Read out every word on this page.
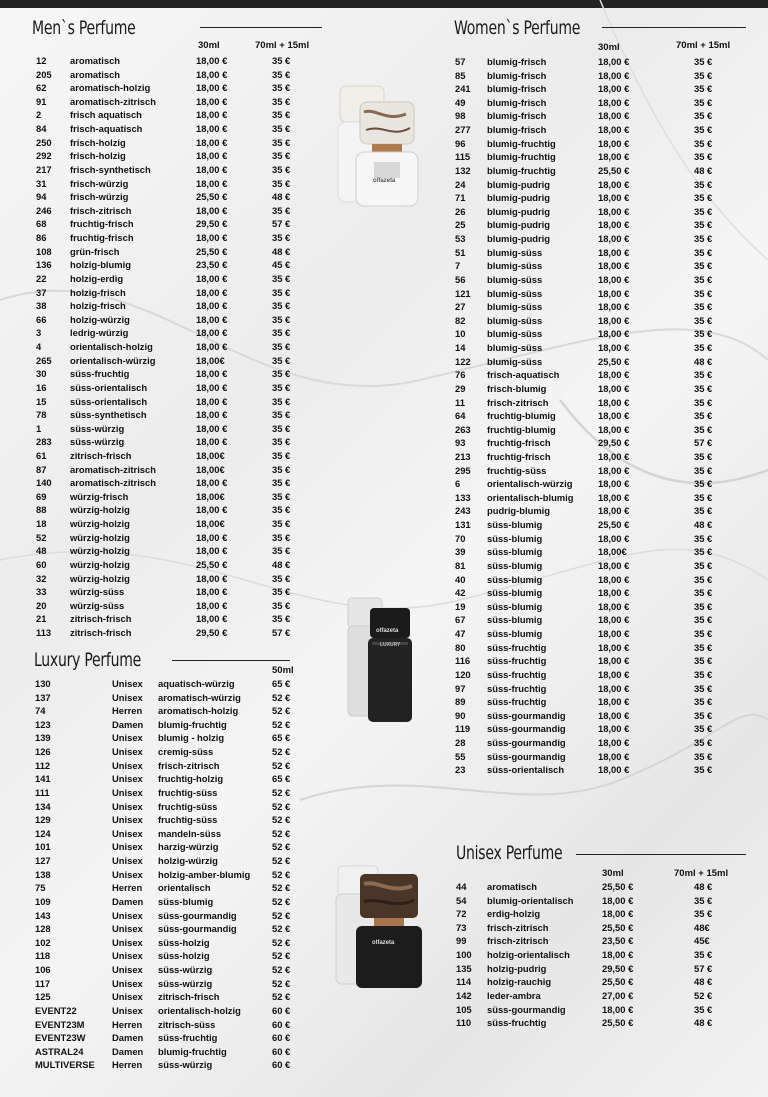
Men`s Perfume
30ml	70ml + 15ml
12	aromatisch	18,00 €	35 €
205 aromatisch	18,00 €	35 €
62	aromatisch-holzig	18,00 €	35 €
91	aromatisch-zitrisch	18,00 €	35 €
2	frisch aquatisch	18,00 €	35 €
84	frisch-aquatisch	18,00 €	35 €
250 frisch-holzig	18,00 €	35 €
292 frisch-holzig	18,00 €	35 €
217 frisch-synthetisch	18,00 €	35 €
31	frisch-würzig	18,00 €	35 €
94	frisch-würzig	25,50 €	48 €
246 frisch-zitrisch	18,00 €	35 €
68	fruchtig-frisch	29,50 €	57 €
86	fruchtig-frisch	18,00 €	35 €
108 grün-frisch	25,50 €	48 €
136 holzig-blumig	23,50 €	45 €
22	holzig-erdig	18,00 €	35 €
37	holzig-frisch	18,00 €	35 €
38	holzig-frisch	18,00 €	35 €
66	holzig-würzig	18,00 €	35 €
3	ledrig-würzig	18,00 €	35 €
4	orientalisch-holzig	18,00 €	35 €
265 orientalisch-würzig	18,00€	35 €
30	süss-fruchtig	18,00 €	35 €
16	süss-orientalisch	18,00 €	35 €
15	süss-orientalisch	18,00 €	35 €
78	süss-synthetisch	18,00 €	35 €
1	süss-würzig	18,00 €	35 €
283 süss-würzig	18,00 €	35 €
61	zitrisch-frisch	18,00€	35 €
87	aromatisch-zitrisch	18,00€	35 €
140 aromatisch-zitrisch	18,00 €	35 €
69	würzig-frisch	18,00€	35 €
88	würzig-holzig	18,00 €	35 €
18	würzig-holzig	18,00€	35 €
52	würzig-holzig	18,00 €	35 €
48	würzig-holzig	18,00 €	35 €
60	würzig-holzig	25,50 €	48 €
32	würzig-holzig	18,00 €	35 €
33	würzig-süss	18,00 €	35 €
20	würzig-süss	18,00 €	35 €
21	zitrisch-frisch	18,00 €	35 €
113 zitrisch-frisch	29,50 €	57 €
Luxury Perfume	50ml
130	Unisex aquatisch-würzig	65 €
137	Unisex aromatisch-würzig	52 €
74	Herren aromatisch-holzig	52 €
123	Damen blumig-fruchtig	52 €
139	Unisex blumig - holzig	65 €
126	Unisex cremig-süss	52 €
112	Unisex frisch-zitrisch	52 €
141	Unisex fruchtig-holzig	65 €
111	Unisex fruchtig-süss	52 €
134	Unisex fruchtig-süss	52 €
129	Unisex fruchtig-süss	52 €
124	Unisex mandeln-süss	52 €
101	Unisex harzig-würzig	52 €
127	Unisex holzig-würzig	52 €
138	Unisex holzig-amber-blumig 52 €
75	Herren orientalisch	52 €
109	Damen süss-blumig	52 €
143	Unisex süss-gourmandig	52 €
128	Unisex süss-gourmandig	52 €
102	Unisex süss-holzig	52 €
118	Unisex süss-holzig	52 €
106	Unisex süss-würzig	52 €
117	Unisex süss-würzig	52 €
125	Unisex zitrisch-frisch	52 €
EVENT22	Unisex orientalisch-holzig	60 €
EVENT23M	Herren zitrisch-süss	60 €
EVENT23W	Damen süss-fruchtig	60 €
ASTRAL24	Damen blumig-fruchtig	60 €
MULTIVERSE Herren süss-würzig	60 €
Women`s Perfume
30ml	70ml + 15ml
57 blumig-frisch	18,00 €	35 €
85 blumig-frisch	18,00 €	35 €
241 blumig-frisch	18,00 €	35 €
49 blumig-frisch	18,00 €	35 €
98 blumig-frisch	18,00 €	35 €
277 blumig-frisch	18,00 €	35 €
96 blumig-fruchtig	18,00 €	35 €
115 blumig-fruchtig	18,00 €	35 €
132 blumig-fruchtig	25,50 €	48 €
24 blumig-pudrig	18,00 €	35 €
71 blumig-pudrig	18,00 €	35 €
26 blumig-pudrig	18,00 €	35 €
25 blumig-pudrig	18,00 €	35 €
53 blumig-pudrig	18,00 €	35 €
51 blumig-süss	18,00 €	35 €
7	blumig-süss	18,00 €	35 €
56 blumig-süss	18,00 €	35 €
121 blumig-süss	18,00 €	35 €
27 blumig-süss	18,00 €	35 €
82 blumig-süss	18,00 €	35 €
10 blumig-süss	18,00 €	35 €
14 blumig-süss	18,00 €	35 €
122 blumig-süss	25,50 €	48 €
76 frisch-aquatisch	18,00 €	35 €
29 frisch-blumig	18,00 €	35 €
11 frisch-zitrisch	18,00 €	35 €
64 fruchtig-blumig	18,00 €	35 €
263 fruchtig-blumig	18,00 €	35 €
93 fruchtig-frisch	29,50 €	57 €
213 fruchtig-frisch	18,00 €	35 €
295 fruchtig-süss	18,00 €	35 €
6	orientalisch-würzig	18,00 €	35 €
133 orientalisch-blumig	18,00 €	35 €
243 pudrig-blumig	18,00 €	35 €
131 süss-blumig	25,50 €	48 €
70 süss-blumig	18,00 €	35 €
39 süss-blumig	18,00€	35 €
81 süss-blumig	18,00 €	35 €
40 süss-blumig	18,00 €	35 €
42 süss-blumig	18,00 €	35 €
19 süss-blumig	18,00 €	35 €
67 süss-blumig	18,00 €	35 €
47 süss-blumig	18,00 €	35 €
80 süss-fruchtig	18,00 €	35 €
116 süss-fruchtig	18,00 €	35 €
120 süss-fruchtig	18,00 €	35 €
97 süss-fruchtig	18,00 €	35 €
89 süss-fruchtig	18,00 €	35 €
90 süss-gourmandig	18,00 €	35 €
119 süss-gourmandig	18,00 €	35 €
28 süss-gourmandig	18,00 €	35 €
55 süss-gourmandig	18,00 €	35 €
23 süss-orientalisch	18,00 €	35 €
Unisex Perfume
30ml	70ml + 15ml
44 aromatisch	25,50 €	48 €
54 blumig-orientalisch	18,00 €	35 €
72 erdig-holzig	18,00 €	35 €
73 frisch-zitrisch	25,50 €	48€
99 frisch-zitrisch	23,50 €	45€
100 holzig-orientalisch	18,00 €	35 €
135 holzig-pudrig	29,50 €	57 €
114 holzig-rauchig	25,50 €	48 €
142 leder-ambra	27,00 €	52 €
105 süss-gourmandig	18,00 €	35 €
110 süss-fruchtig	25,50 €	48 €
olfazeta
olfazeta
LUXURY
olfazeta
